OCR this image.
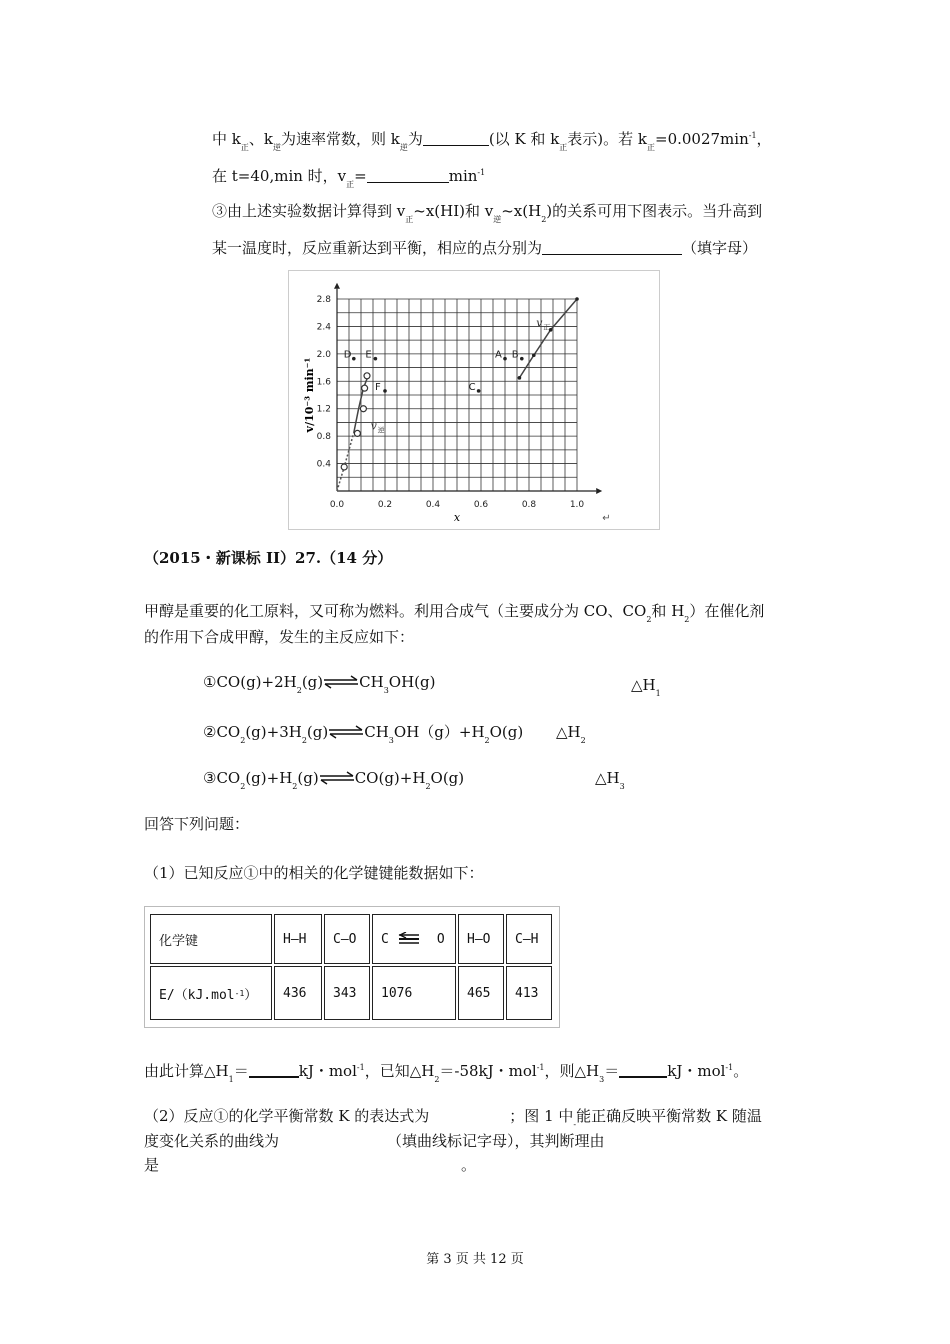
中 $k_正$、$k_逆$为速率常数，则 $k_逆$为	(以 K 和 $k_正$表示)。若 $k_正=0.0027\min^{-1}$，
在 t=40,min 时，$v_正=$	$\min^{-1}$
③由上述实验数据计算得到 $v_正\sim x(HI)$和 $v_逆\sim x(H_2)$的关系可用下图表示。当升高到
某一温度时，反应重新达到平衡，相应的点分别为	（填字母）
0.0	0.2	0.4	0.6	0.8	1.0
0.4
0.8
1.2
1.6
2.0
2.4
2.8
x
v/10⁻³ min⁻¹
↵
v 逆
v 正
A B
C
D E
F
（2015・新课标 II）27.（14 分）
甲醇是重要的化工原料，又可称为燃料。利用合成气（主要成分为 CO、$CO_2$和 $H_2$）在催化剂
的作用下合成甲醇，发生的主反应如下：
$①CO(g)+2H_2(g)\rightleftharpoons CH_3OH(g)$	$\triangle H_1$
$②CO_2(g)+3H_2(g)\rightleftharpoons CH_3OH(g)+H_2O(g)$ $\triangle H_2$
$③CO_2(g)+H_2(g)\rightleftharpoons CO(g)+H_2O(g)$	$\triangle H_3$
回答下列问题：
（1）已知反应①中的相关的化学键键能数据如下：
化学键	H—H C—O C	O H—O C—H
E/（kJ.mol -1 ） 436 343 1076	465 413
由此计算$\triangle H_1=$	kJ・mol$^{-1}$，已知$\triangle H_2=-58kJ$・mol$^{-1}$，则$\triangle H_3=$	kJ・mol$^{-1}$。
（2）反应①的化学平衡常数 K 的表达式为	；图 1 中$_-$能正确反映平衡常数 K 随温
度变化关系的曲线为	（填曲线标记字母），其判断理由
是	。
第 3 页 共 12 页
